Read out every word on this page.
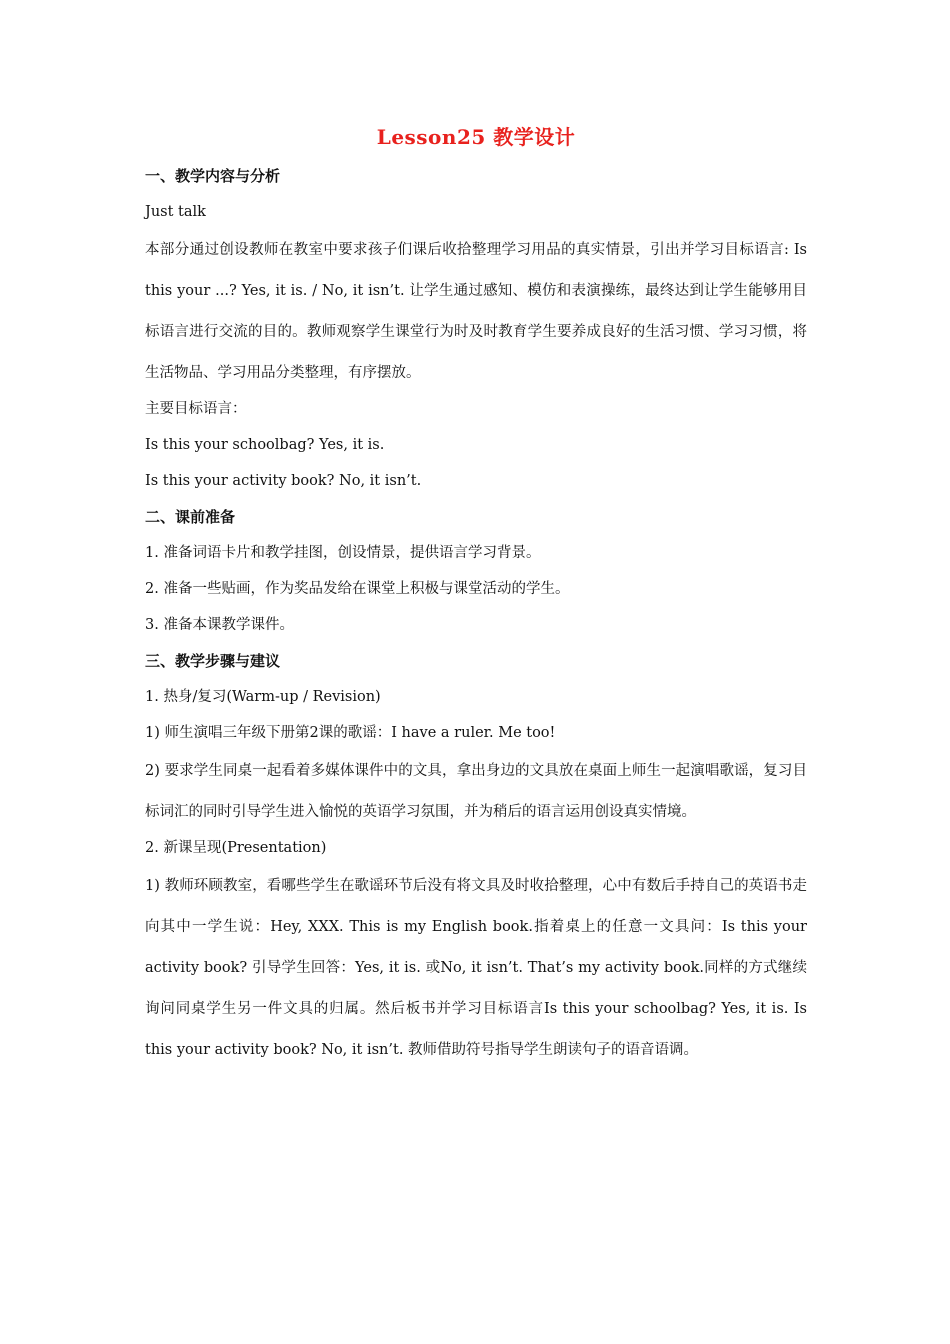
Lesson25 教学设计
一、教学内容与分析
Just talk
本部分通过创设教师在教室中要求孩子们课后收拾整理学习用品的真实情景，引出并学习目标语言: Is this your ...? Yes, it is. / No, it isn’t. 让学生通过感知、模仿和表演操练，最终达到让学生能够用目标语言进行交流的目的。教师观察学生课堂行为时及时教育学生要养成良好的生活习惯、学习习惯，将生活物品、学习用品分类整理，有序摆放。
主要目标语言：
Is this your schoolbag? Yes, it is.
Is this your activity book? No, it isn’t.
二、课前准备
1. 准备词语卡片和教学挂图，创设情景，提供语言学习背景。
2. 准备一些贴画，作为奖品发给在课堂上积极与课堂活动的学生。
3. 准备本课教学课件。
三、教学步骤与建议
1. 热身/复习(Warm-up / Revision)
1) 师生演唱三年级下册第2课的歌谣：I have a ruler. Me too!
2) 要求学生同桌一起看着多媒体课件中的文具，拿出身边的文具放在桌面上师生一起演唱歌谣，复习目标词汇的同时引导学生进入愉悦的英语学习氛围，并为稍后的语言运用创设真实情境。
2. 新课呈现(Presentation)
1) 教师环顾教室，看哪些学生在歌谣环节后没有将文具及时收拾整理，心中有数后手持自己的英语书走向其中一学生说：Hey, XXX. This is my English book.指着桌上的任意一文具问：Is this your activity book? 引导学生回答：Yes, it is. 或No, it isn’t. That’s my activity book.同样的方式继续询问同桌学生另一件文具的归属。然后板书并学习目标语言Is this your schoolbag? Yes, it is. Is this your activity book? No, it isn’t. 教师借助符号指导学生朗读句子的语音语调。
